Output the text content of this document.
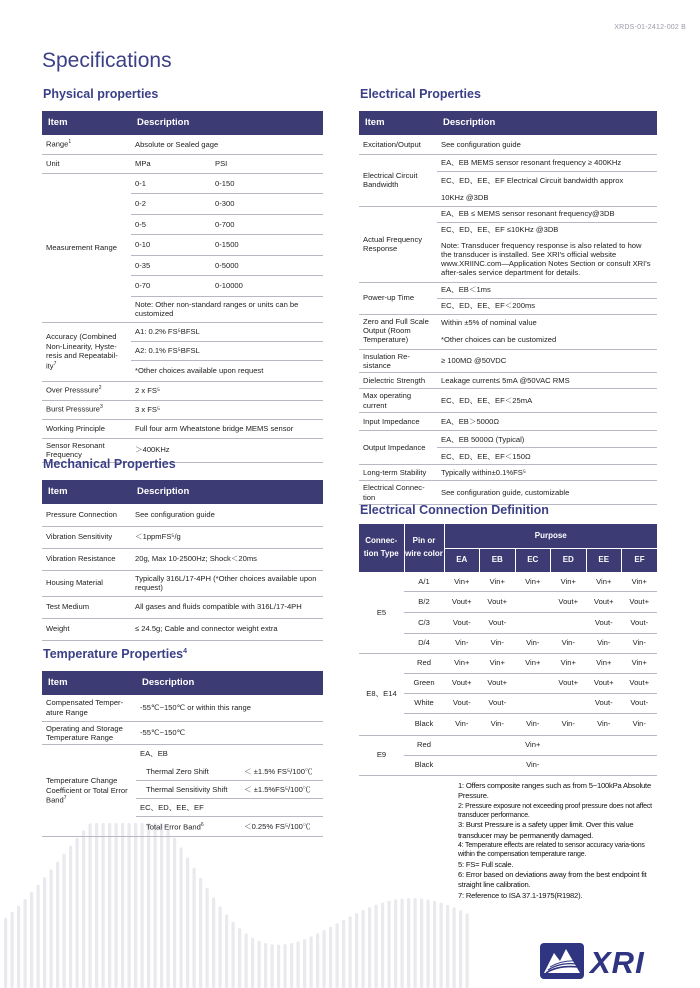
XRDS-01-2412-002 B
Specifications
Physical properties
Item	Description	
Range$^1$	Absolute or Sealed gage	
Unit	MPa	PSI
Measurement Range	0-1	0-150
	0-2	0-300
	0-5	0-700
	0-10	0-1500
	0-35	0-5000
	0-70	0-10000
	Note: Other non-standard ranges or units can be customized	
Accuracy (Combined Non-Linearity, Hyste-resis and Repeatabil-ity$^7$	A1: 0.2% FS⁵BFSL	
	A2: 0.1% FS⁵BFSL	
	*Other choices available upon request	
Over Presssure$^2$	2 x FS⁵	
Burst Presssure$^3$	3 x FS⁵	
Working Principle	Full four arm Wheatstone bridge MEMS sensor	
Sensor Resonant Frequency	＞400KHz	
Mechanical Properties
Item	Description
Pressure Connection	See configuration guide
Vibration Sensitivity	＜1ppmFS⁵/g
Vibration Resistance	20g, Max 10-2500Hz; Shock＜20ms
Housing Material	Typically 316L/17-4PH (*Other choices available upon request)
Test Medium	All gases and fluids compatible with 316L/17-4PH
Weight	≤ 24.5g; Cable and connector weight extra
Temperature Properties$^4$
Item	Description	
Compensated Temper-ature Range	-55℃~150℃ or within this range	
Operating and Storage Temperature Range	-55℃~150℃	
Temperature Change Coefficient or Total Error Band$^7$	EA、EB	
	Thermal Zero Shift	＜ ±1.5% FS⁵/100℃
	Thermal Sensitivity Shift	＜ ±1.5%FS⁵/100℃
	EC、ED、EE、EF	
	Total Error Band$^6$	＜0.25% FS⁵/100℃
Electrical Properties
Item	Description
Excitation/Output	See configuration guide
Electrical Circuit Bandwidth	EA、EB MEMS sensor resonant frequency ≥ 400KHz
	EC、ED、EE、EF Electrical Circuit bandwidth approx
	10KHz @3DB
Actual Frequency Response	EA、EB ≤ MEMS sensor resonant frequency@3DB
	EC、ED、EE、EF ≤10KHz @3DB
	Note: Transducer frequency response is also related to how the transducer is installed. See XRI's official website www.XRIINC.com—Application Notes Section or consult XRI's after-sales service department for details.
Power-up Time	EA、EB＜1ms
	EC、ED、EE、EF＜200ms
Zero and Full Scale Output (Room Temperature)	Within ±5% of nominal value
	*Other choices can be customized
Insulation Re-sistance	≥ 100MΩ @50VDC
Dielectric Strength	Leakage current≤ 5mA @50VAC RMS
Max operating current	EC、ED、EE、EF＜25mA
Input Impedance	EA、EB＞5000Ω
Output Impedance	EA、EB 5000Ω (Typical)
	EC、ED、EE、EF＜150Ω
Long-term Stability	Typically within±0.1%FS⁵
Electrical Connec-tion	See configuration guide, customizable
Electrical Connection Definition
Connec-tion Type	Pin or wire color	Purpose					
		EA	EB	EC	ED	EE	EF
E5	A/1	Vin+	Vin+	Vin+	Vin+	Vin+	Vin+
	B/2	Vout+	Vout+		Vout+	Vout+	Vout+
	C/3	Vout-	Vout-			Vout-	Vout-
	D/4	Vin-	Vin-	Vin-	Vin-	Vin-	Vin-
E8、E14	Red	Vin+	Vin+	Vin+	Vin+	Vin+	Vin+
	Green	Vout+	Vout+		Vout+	Vout+	Vout+
	White	Vout-	Vout-			Vout-	Vout-
	Black	Vin-	Vin-	Vin-	Vin-	Vin-	Vin-
E9	Red			Vin+			
	Black			Vin-			
1: Offers composite ranges such as from 5~100kPa Absolute Pressure.
2: Pressure exposure not exceeding proof pressure does not affect transducer performance.
3: Burst Pressure is a safety upper limit. Over this value transducer may be permanently damaged.
4: Temperature effects are related to sensor accuracy varia-tions within the compensation temperature range.
5: FS= Full scale.
6: Error based on deviations away from the best endpoint fit straight line calibration.
7: Reference to ISA 37.1-1975(R1982).
XRI
